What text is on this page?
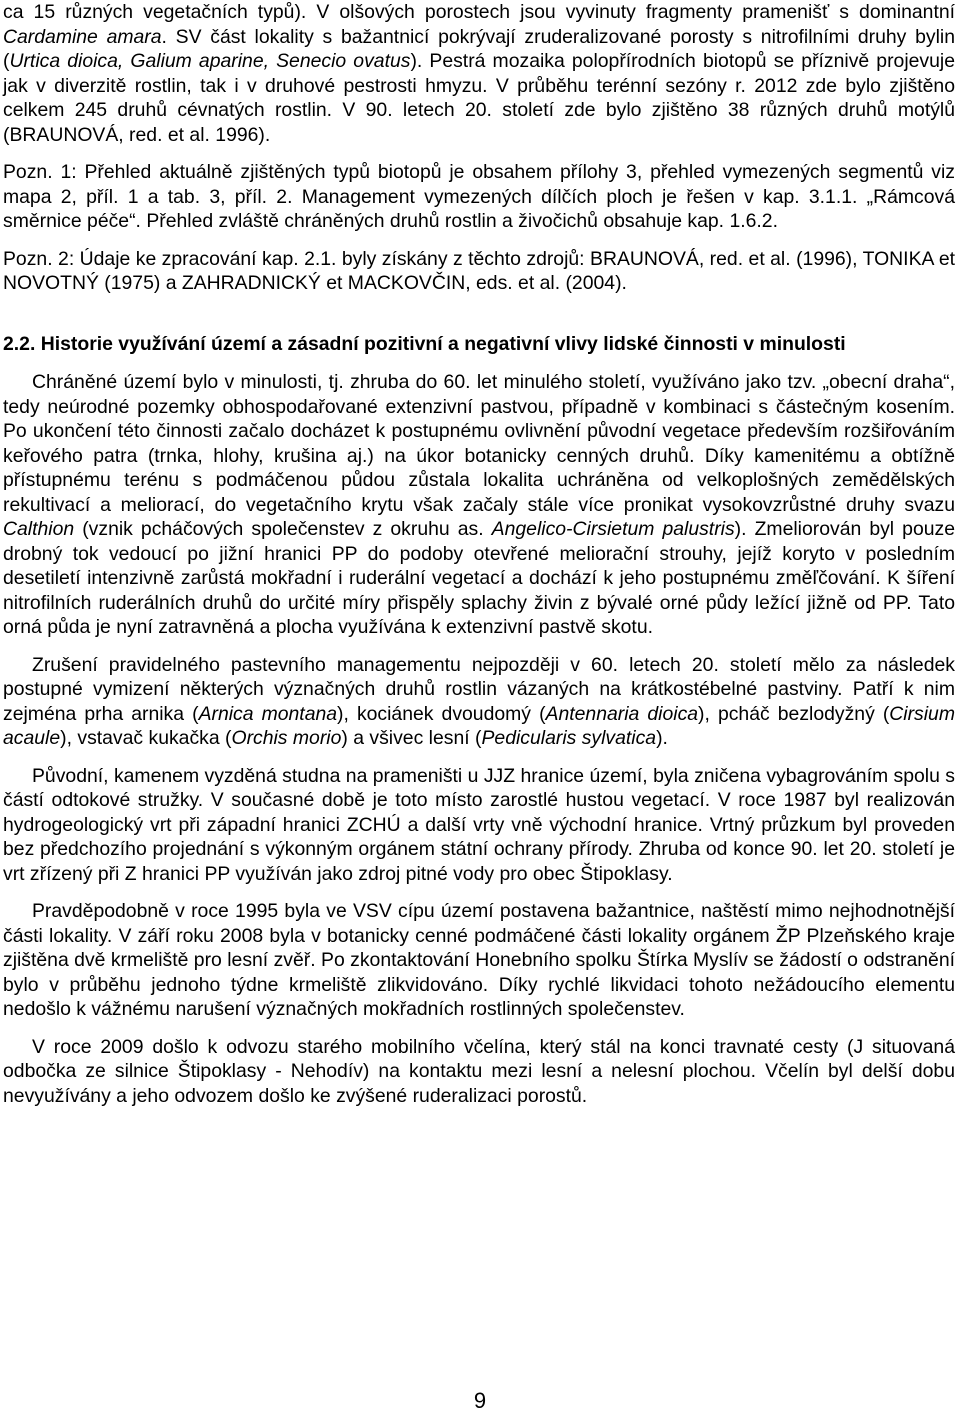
ca 15 různých vegetačních typů). V olšových porostech jsou vyvinuty fragmenty pramenišť s dominantní Cardamine amara. SV část lokality s bažantnicí pokrývají zruderalizované porosty s nitrofilními druhy bylin (Urtica dioica, Galium aparine, Senecio ovatus). Pestrá mozaika polopřírodních biotopů se příznivě projevuje jak v diverzitě rostlin, tak i v druhové pestrosti hmyzu. V průběhu terénní sezóny r. 2012 zde bylo zjištěno celkem 245 druhů cévnatých rostlin. V 90. letech 20. století zde bylo zjištěno 38 různých druhů motýlů (BRAUNOVÁ, red. et al. 1996).

Pozn. 1: Přehled aktuálně zjištěných typů biotopů je obsahem přílohy 3, přehled vymezených segmentů viz mapa 2, příl. 1 a tab. 3, příl. 2. Management vymezených dílčích ploch je řešen v kap. 3.1.1. „Rámcová směrnice péče“. Přehled zvláště chráněných druhů rostlin a živočichů obsahuje kap. 1.6.2.

Pozn. 2: Údaje ke zpracování kap. 2.1. byly získány z těchto zdrojů: BRAUNOVÁ, red. et al. (1996), TONIKA et NOVOTNÝ (1975) a ZAHRADNICKÝ et MACKOVČIN, eds. et al. (2004).

2.2. Historie využívání území a zásadní pozitivní a negativní vlivy lidské činnosti v minulosti

Chráněné území bylo v minulosti, tj. zhruba do 60. let minulého století, využíváno jako tzv. „obecní draha“, tedy neúrodné pozemky obhospodařované extenzivní pastvou, případně v kombinaci s částečným kosením. Po ukončení této činnosti začalo docházet k postupnému ovlivnění původní vegetace především rozšiřováním keřového patra (trnka, hlohy, krušina aj.) na úkor botanicky cenných druhů. Díky kamenitému a obtížně přístupnému terénu s podmáčenou půdou zůstala lokalita uchráněna od velkoplošných zemědělských rekultivací a meliorací, do vegetačního krytu však začaly stále více pronikat vysokovzrůstné druhy svazu Calthion (vznik pcháčových společenstev z okruhu as. Angelico-Cirsietum palustris). Zmeliorován byl pouze drobný tok vedoucí po jižní hranici PP do podoby otevřené meliorační strouhy, jejíž koryto v posledním desetiletí intenzivně zarůstá mokřadní i ruderální vegetací a dochází k jeho postupnému změľčování. K šíření nitrofilních ruderálních druhů do určité míry přispěly splachy živin z bývalé orné půdy ležící jižně od PP. Tato orná půda je nyní zatravněná a plocha využívána k extenzivní pastvě skotu.

Zrušení pravidelného pastevního managementu nejpozději v 60. letech 20. století mělo za následek postupné vymizení některých význačných druhů rostlin vázaných na krátkostébelné pastviny. Patří k nim zejména prha arnika (Arnica montana), kociánek dvoudomý (Antennaria dioica), pcháč bezlodyžný (Cirsium acaule), vstavač kukačka (Orchis morio) a všivec lesní (Pedicularis sylvatica).

Původní, kamenem vyzděná studna na prameništi u JJZ hranice území, byla zničena vybagrováním spolu s částí odtokové stružky. V současné době je toto místo zarostlé hustou vegetací. V roce 1987 byl realizován hydrogeologický vrt při západní hranici ZCHÚ a další vrty vně východní hranice. Vrtný průzkum byl proveden bez předchozího projednání s výkonným orgánem státní ochrany přírody. Zhruba od konce 90. let 20. století je vrt zřízený při Z hranici PP využíván jako zdroj pitné vody pro obec Štipoklasy.

Pravděpodobně v roce 1995 byla ve VSV cípu území postavena bažantnice, naštěstí mimo nejhodnotnější části lokality. V září roku 2008 byla v botanicky cenné podmáčené části lokality orgánem ŽP Plzeňského kraje zjištěna dvě krmeliště pro lesní zvěř. Po zkontaktování Honebního spolku Štírka Myslív se žádostí o odstranění bylo v průběhu jednoho týdne krmeliště zlikvidováno. Díky rychlé likvidaci tohoto nežádoucího elementu nedošlo k vážnému narušení význačných mokřadních rostlinných společenstev.

V roce 2009 došlo k odvozu starého mobilního včelína, který stál na konci travnaté cesty (J situovaná odbočka ze silnice Štipoklasy - Nehodív) na kontaktu mezi lesní a nelesní plochou. Včelín byl delší dobu nevyužívány a jeho odvozem došlo ke zvýšené ruderalizaci porostů.

9
